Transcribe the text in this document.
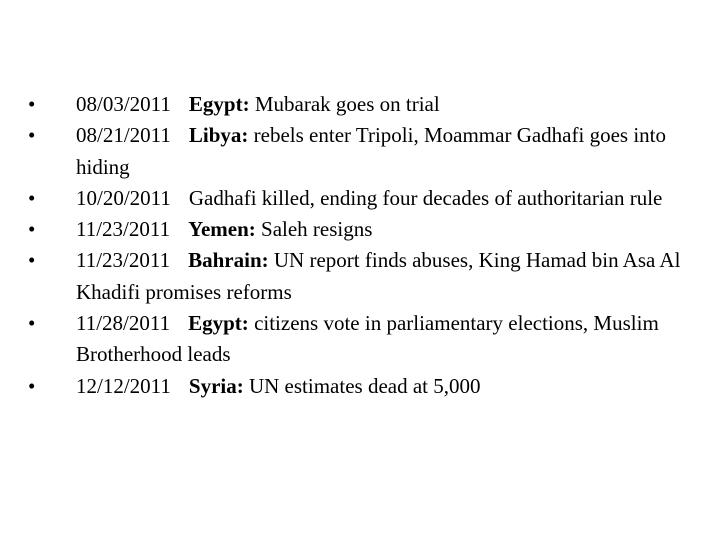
•	08/03/2011 Egypt: Mubarak goes on trial
•	08/21/2011 Libya: rebels enter Tripoli, Moammar Gadhafi goes into hiding
•	10/20/2011 Gadhafi killed, ending four decades of authoritarian rule
•	11/23/2011 Yemen: Saleh resigns
•	11/23/2011 Bahrain: UN report finds abuses, King Hamad bin Asa Al Khadifi promises reforms
•	11/28/2011 Egypt: citizens vote in parliamentary elections, Muslim Brotherhood leads
•	12/12/2011 Syria: UN estimates dead at 5,000
